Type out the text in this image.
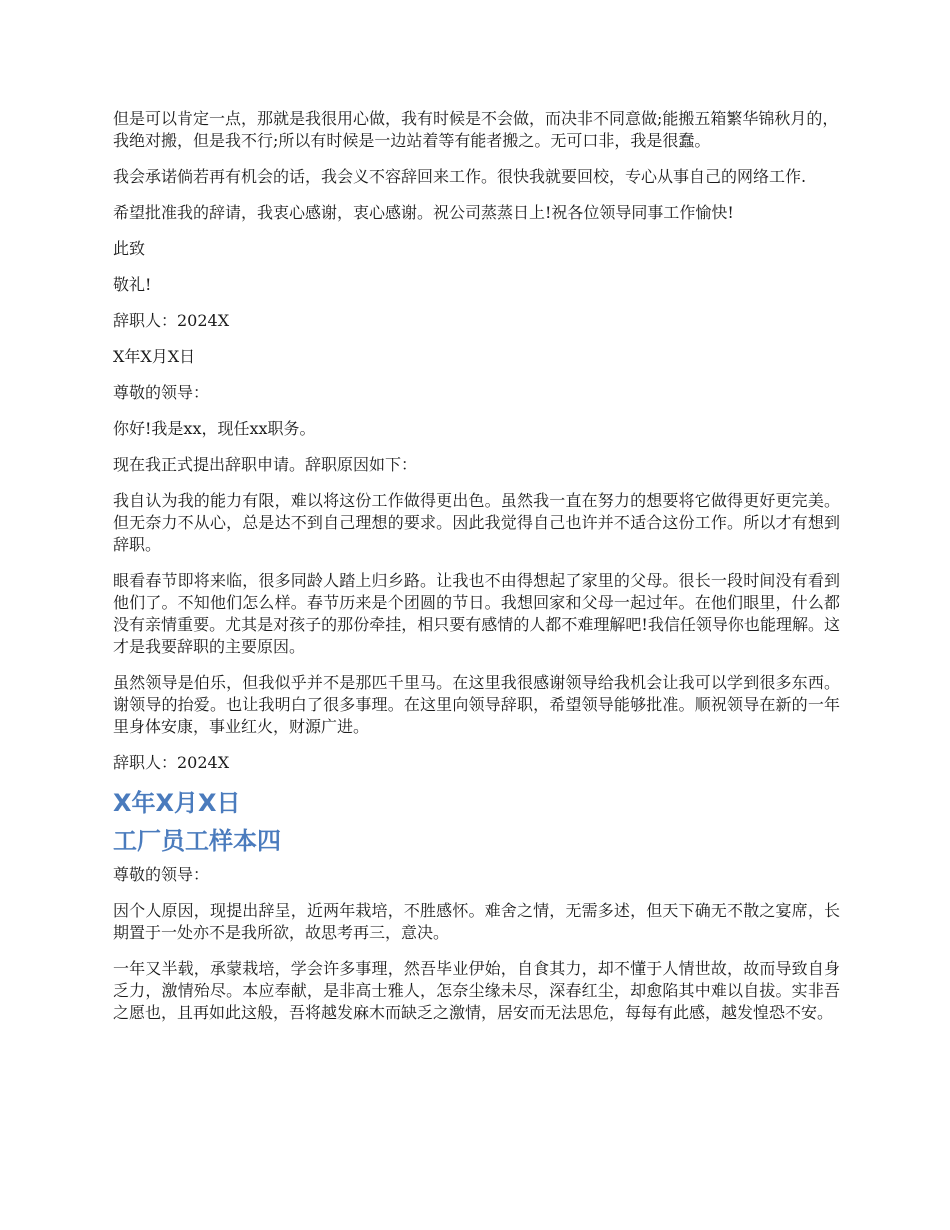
但是可以肯定一点，那就是我很用心做，我有时候是不会做，而决非不同意做;能搬五箱繁华锦秋月的，我绝对搬，但是我不行;所以有时候是一边站着等有能者搬之。无可口非，我是很蠢。

我会承诺倘若再有机会的话，我会义不容辞回来工作。很快我就要回校，专心从事自己的网络工作.

希望批准我的辞请，我衷心感谢，衷心感谢。祝公司蒸蒸日上!祝各位领导同事工作愉快!

此致

敬礼!

辞职人：2024X

X年X月X日

尊敬的领导：

你好!我是xx，现任xx职务。

现在我正式提出辞职申请。辞职原因如下：

我自认为我的能力有限，难以将这份工作做得更出色。虽然我一直在努力的想要将它做得更好更完美。但无奈力不从心，总是达不到自己理想的要求。因此我觉得自己也许并不适合这份工作。所以才有想到辞职。

眼看春节即将来临，很多同龄人踏上归乡路。让我也不由得想起了家里的父母。很长一段时间没有看到他们了。不知他们怎么样。春节历来是个团圆的节日。我想回家和父母一起过年。在他们眼里，什么都没有亲情重要。尤其是对孩子的那份牵挂，相只要有感情的人都不难理解吧!我信任领导你也能理解。这才是我要辞职的主要原因。

虽然领导是伯乐，但我似乎并不是那匹千里马。在这里我很感谢领导给我机会让我可以学到很多东西。谢领导的抬爱。也让我明白了很多事理。在这里向领导辞职，希望领导能够批准。顺祝领导在新的一年里身体安康，事业红火，财源广进。

辞职人：2024X

X年X月X日
工厂员工样本四

尊敬的领导：

因个人原因，现提出辞呈，近两年栽培，不胜感怀。难舍之情，无需多述，但天下确无不散之宴席，长期置于一处亦不是我所欲，故思考再三，意决。

一年又半载，承蒙栽培，学会许多事理，然吾毕业伊始，自食其力，却不懂于人情世故，故而导致自身乏力，激情殆尽。本应奉献，是非高士雅人，怎奈尘缘未尽，深春红尘，却愈陷其中难以自拔。实非吾之愿也，且再如此这般，吾将越发麻木而缺乏之激情，居安而无法思危，每每有此感，越发惶恐不安。
